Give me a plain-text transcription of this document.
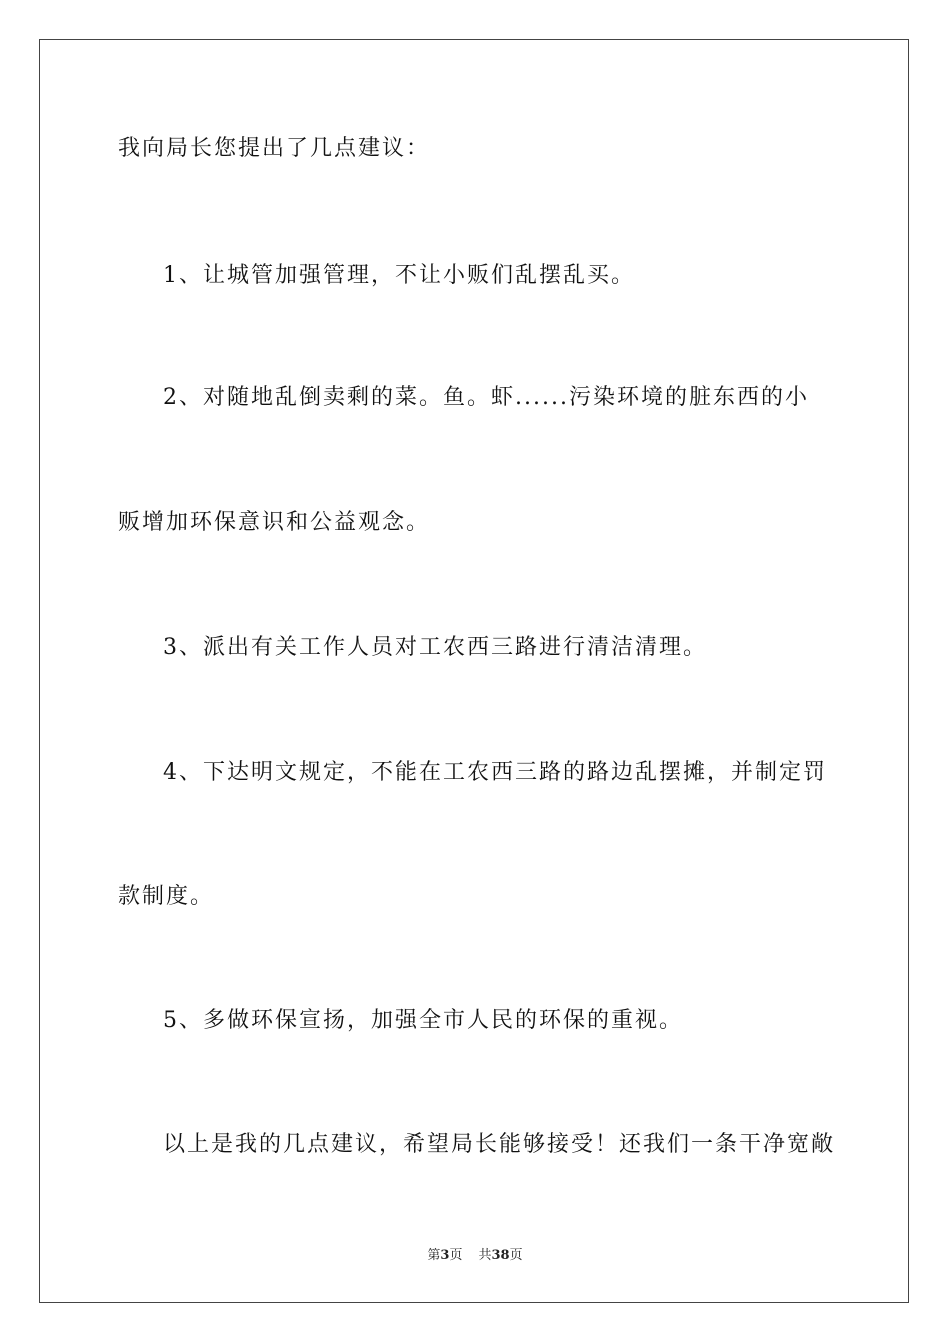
我向局长您提出了几点建议：
1、让城管加强管理，不让小贩们乱摆乱买。
2、对随地乱倒卖剩的菜。鱼。虾......污染环境的脏东西的小
贩增加环保意识和公益观念。
3、派出有关工作人员对工农西三路进行清洁清理。
4、下达明文规定，不能在工农西三路的路边乱摆摊，并制定罚
款制度。
5、多做环保宣扬，加强全市人民的环保的重视。
以上是我的几点建议，希望局长能够接受！还我们一条干净宽敞
第3页 共38页
